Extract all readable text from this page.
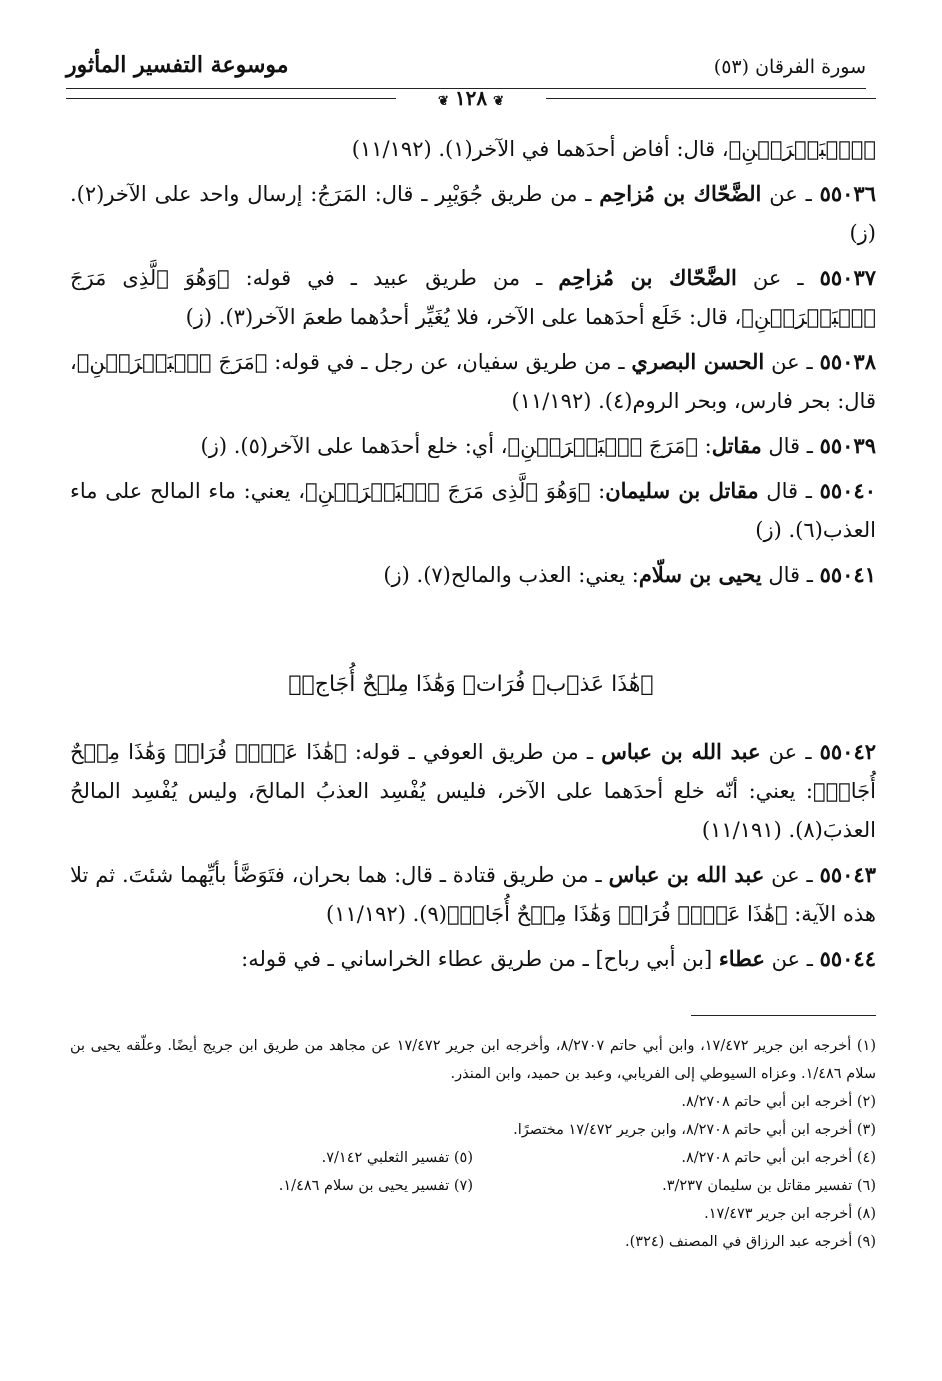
سورة الفرقان (٥٣)
موسوعة التفسير المأثور
❦١٢٨❦

﴿ٱلۡبَحۡرَيۡنِ﴾، قال: أفاض أحدَهما في الآخر(١). (١١/١٩٢)

٥٥٠٣٦ ـ عن الضَّحّاك بن مُزاحِم ـ من طريق جُوَيْبِر ـ قال: المَرَجُ: إرسال واحد على الآخر(٢). (ز)

٥٥٠٣٧ ـ عن الضَّحّاك بن مُزاحِم ـ من طريق عبيد ـ في قوله: ﴿وَهُوَ ٱلَّذِى مَرَجَ ٱلۡبَحۡرَيۡنِ﴾، قال: خَلَع أحدَهما على الآخر، فلا يُغَيِّر أحدُهما طعمَ الآخر(٣). (ز)

٥٥٠٣٨ ـ عن الحسن البصري ـ من طريق سفيان، عن رجل ـ في قوله: ﴿مَرَجَ ٱلۡبَحۡرَيۡنِ﴾، قال: بحر فارس، وبحر الروم(٤). (١١/١٩٢)

٥٥٠٣٩ ـ قال مقاتل: ﴿مَرَجَ ٱلۡبَحۡرَيۡنِ﴾، أي: خلع أحدَهما على الآخر(٥). (ز)

٥٥٠٤٠ ـ قال مقاتل بن سليمان: ﴿وَهُوَ ٱلَّذِى مَرَجَ ٱلۡبَحۡرَيۡنِ﴾، يعني: ماء المالح على ماء العذب(٦). (ز)

٥٥٠٤١ ـ قال يحيى بن سلّام: يعني: العذب والمالح(٧). (ز)

﴿هَٰذَا عَذۡبٞ فُرَاتٞ وَهَٰذَا مِلۡحٌ أُجَاجٞ﴾

٥٥٠٤٢ ـ عن عبد الله بن عباس ـ من طريق العوفي ـ قوله: ﴿هَٰذَا عَذۡبٞ فُرَاتٞ وَهَٰذَا مِلۡحٌ أُجَاجٞ﴾: يعني: أنّه خلع أحدَهما على الآخر، فليس يُفْسِد العذبُ المالحَ، وليس يُفْسِد المالحُ العذبَ(٨). (١١/١٩١)

٥٥٠٤٣ ـ عن عبد الله بن عباس ـ من طريق قتادة ـ قال: هما بحران، فتَوَضَّأ بأيِّهما شئتَ. ثم تلا هذه الآية: ﴿هَٰذَا عَذۡبٞ فُرَاتٞ وَهَٰذَا مِلۡحٌ أُجَاجٞ﴾(٩). (١١/١٩٢)

٥٥٠٤٤ ـ عن عطاء [بن أبي رباح] ـ من طريق عطاء الخراساني ـ في قوله:

(١) أخرجه ابن جرير ١٧/٤٧٢، وابن أبي حاتم ٨/٢٧٠٧، وأخرجه ابن جرير ١٧/٤٧٢ عن مجاهد من طريق ابن جريج أيضًا. وعلّقه يحيى بن سلام ١/٤٨٦. وعزاه السيوطي إلى الفريابي، وعبد بن حميد، وابن المنذر.

(٢) أخرجه ابن أبي حاتم ٨/٢٧٠٨.

(٣) أخرجه ابن أبي حاتم ٨/٢٧٠٨، وابن جرير ١٧/٤٧٢ مختصرًا.

(٤) أخرجه ابن أبي حاتم ٨/٢٧٠٨.

(٥) تفسير الثعلبي ٧/١٤٢.

(٦) تفسير مقاتل بن سليمان ٣/٢٣٧.

(٧) تفسير يحيى بن سلام ١/٤٨٦.

(٨) أخرجه ابن جرير ١٧/٤٧٣.

(٩) أخرجه عبد الرزاق في المصنف (٣٢٤).
